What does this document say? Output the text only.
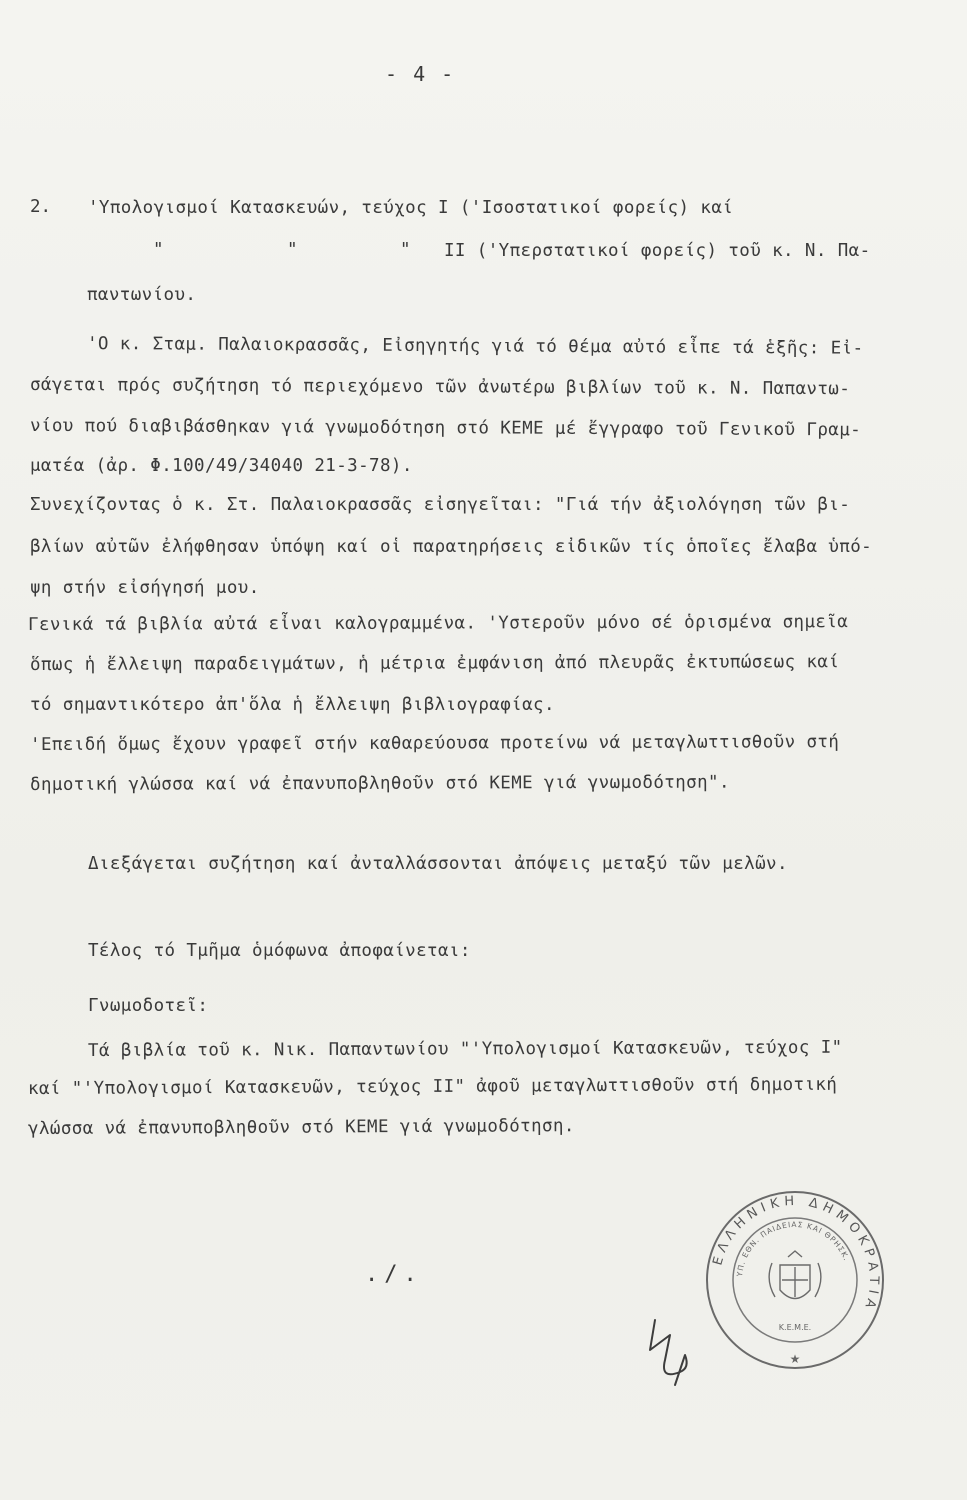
- 4 -
2. 'Υπολογισμοί Κατασκευών, τεύχος Ι ('Ισοστατικοί φορείς) καί
"	"	" ΙΙ ('Υπερστατικοί φορείς) τοῦ κ. Ν. Πα-
παντωνίου.
'Ο κ. Σταμ. Παλαιοκρασσᾶς, Εἰσηγητής γιά τό θέμα αὐτό εἶπε τά ἑξῆς: Εἰ-
σάγεται πρός συζήτηση τό περιεχόμενο τῶν ἀνωτέρω βιβλίων τοῦ κ. Ν. Παπαντω-
νίου πού διαβιβάσθηκαν γιά γνωμοδότηση στό ΚΕΜΕ μέ ἔγγραφο τοῦ Γενικοῦ Γραμ-
ματέα (ἀρ. Φ.100/49/34040 21-3-78).
Συνεχίζοντας ὁ κ. Στ. Παλαιοκρασσᾶς εἰσηγεῖται: "Γιά τήν ἀξιολόγηση τῶν βι-
βλίων αὐτῶν ἐλήφθησαν ὑπόψη καί οἱ παρατηρήσεις εἰδικῶν τίς ὁποῖες ἔλαβα ὑπό-
ψη στήν εἰσήγησή μου.
Γενικά τά βιβλία αὐτά εἶναι καλογραμμένα. 'Υστεροῦν μόνο σέ ὁρισμένα σημεῖα
ὅπως ἡ ἔλλειψη παραδειγμάτων, ἡ μέτρια ἐμφάνιση ἀπό πλευρᾶς ἐκτυπώσεως καί
τό σημαντικότερο ἀπ'ὅλα ἡ ἔλλειψη βιβλιογραφίας.
'Επειδή ὅμως ἔχουν γραφεῖ στήν καθαρεύουσα προτείνω νά μεταγλωττισθοῦν στή
δημοτική γλώσσα καί νά ἐπανυποβληθοῦν στό ΚΕΜΕ γιά γνωμοδότηση".
Διεξάγεται συζήτηση καί ἀνταλλάσσονται ἀπόψεις μεταξύ τῶν μελῶν.
Τέλος τό Τμῆμα ὁμόφωνα ἀποφαίνεται:
Γνωμοδοτεῖ:
Τά βιβλία τοῦ κ. Νικ. Παπαντωνίου "'Υπολογισμοί Κατασκευῶν, τεύχος Ι"
καί "'Υπολογισμοί Κατασκευῶν, τεύχος ΙΙ" ἀφοῦ μεταγλωττισθοῦν στή δημοτική
γλώσσα νά ἐπανυποβληθοῦν στό ΚΕΜΕ γιά γνωμοδότηση.
./.
ΕΛΛΗΝΙΚΗ ΔΗΜΟΚΡΑΤΙΑ
ΥΠ. ΕΘΝ. ΠΑΙΔΕΙΑΣ ΚΑΙ ΘΡΗΣΚ.
Κ.Ε.Μ.Ε.
★
